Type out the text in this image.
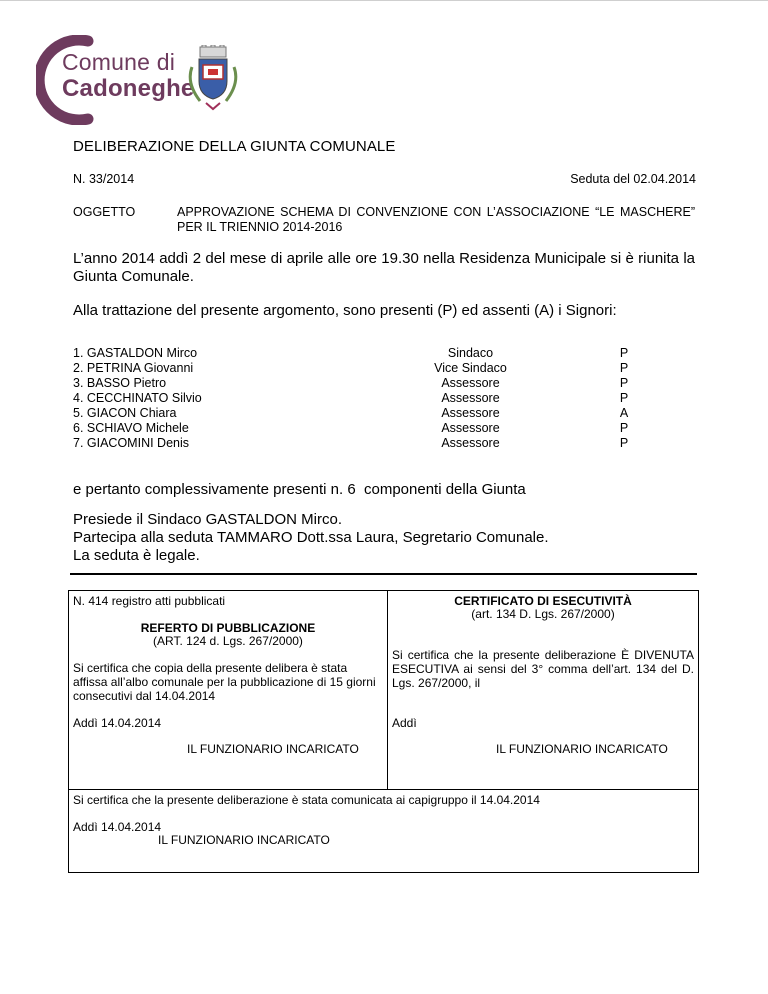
Comune di
Cadoneghe
DELIBERAZIONE DELLA GIUNTA COMUNALE
N. 33/2014	Seduta del 02.04.2014
OGGETTO	APPROVAZIONE SCHEMA DI CONVENZIONE CON L’ASSOCIAZIONE “LE MASCHERE” PER IL TRIENNIO 2014-2016
L’anno 2014 addì 2 del mese di aprile alle ore 19.30 nella Residenza Municipale si è riunita la Giunta Comunale.
Alla trattazione del presente argomento, sono presenti (P) ed assenti (A) i Signori:
1. GASTALDON Mirco
2. PETRINA Giovanni
3. BASSO Pietro
4. CECCHINATO Silvio
5. GIACON Chiara
6. SCHIAVO Michele
7. GIACOMINI Denis
Sindaco
Vice Sindaco
Assessore
Assessore
Assessore
Assessore
Assessore
P
P
P
P
A
P
P
e pertanto complessivamente presenti n. 6  componenti della Giunta
Presiede il Sindaco GASTALDON Mirco.
Partecipa alla seduta TAMMARO Dott.ssa Laura, Segretario Comunale.
La seduta è legale.
N. 414 registro atti pubblicati
REFERTO DI PUBBLICAZIONE
(ART. 124 d. Lgs. 267/2000)
Si certifica che copia della presente delibera è stata affissa all’albo comunale per la pubblicazione di 15 giorni consecutivi dal 14.04.2014
Addì 14.04.2014
IL FUNZIONARIO INCARICATO
CERTIFICATO DI ESECUTIVITÀ
(art. 134 D. Lgs. 267/2000)
Si certifica che la presente deliberazione È DIVENUTA ESECUTIVA ai sensi del 3° comma dell’art. 134 del D. Lgs. 267/2000, il
Addì
IL FUNZIONARIO INCARICATO
Si certifica che la presente deliberazione è stata comunicata ai capigruppo il 14.04.2014
Addì 14.04.2014
IL FUNZIONARIO INCARICATO
